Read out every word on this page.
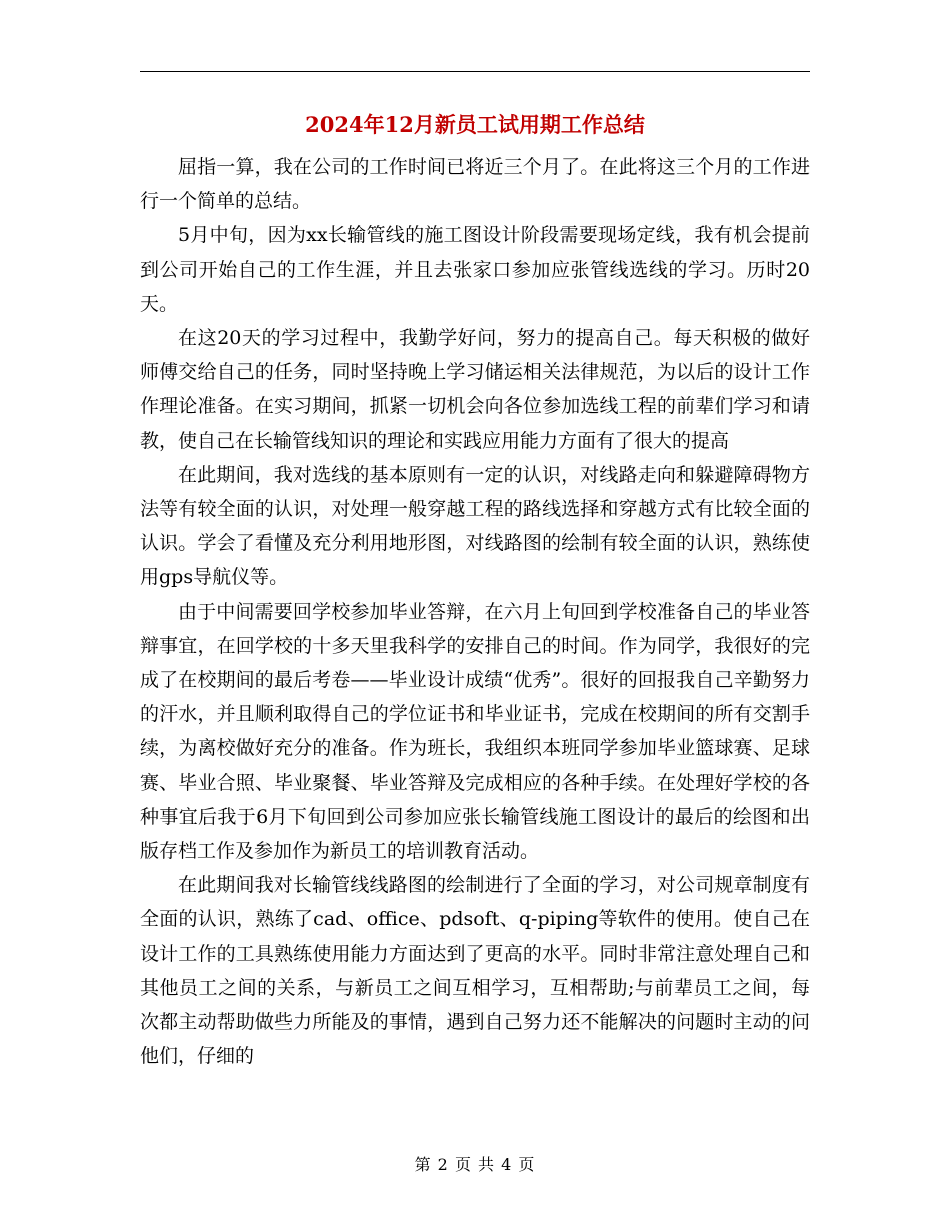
2024年12月新员工试用期工作总结

屈指一算，我在公司的工作时间已将近三个月了。在此将这三个月的工作进行一个简单的总结。

5月中旬，因为xx长输管线的施工图设计阶段需要现场定线，我有机会提前到公司开始自己的工作生涯，并且去张家口参加应张管线选线的学习。历时20天。

在这20天的学习过程中，我勤学好问，努力的提高自己。每天积极的做好师傅交给自己的任务，同时坚持晚上学习储运相关法律规范，为以后的设计工作作理论准备。在实习期间，抓紧一切机会向各位参加选线工程的前辈们学习和请教，使自己在长输管线知识的理论和实践应用能力方面有了很大的提高

在此期间，我对选线的基本原则有一定的认识，对线路走向和躲避障碍物方法等有较全面的认识，对处理一般穿越工程的路线选择和穿越方式有比较全面的认识。学会了看懂及充分利用地形图，对线路图的绘制有较全面的认识，熟练使用gps导航仪等。

由于中间需要回学校参加毕业答辩，在六月上旬回到学校准备自己的毕业答辩事宜，在回学校的十多天里我科学的安排自己的时间。作为同学，我很好的完成了在校期间的最后考卷——毕业设计成绩“优秀”。很好的回报我自己辛勤努力的汗水，并且顺利取得自己的学位证书和毕业证书，完成在校期间的所有交割手续，为离校做好充分的准备。作为班长，我组织本班同学参加毕业篮球赛、足球赛、毕业合照、毕业聚餐、毕业答辩及完成相应的各种手续。在处理好学校的各种事宜后我于6月下旬回到公司参加应张长输管线施工图设计的最后的绘图和出版存档工作及参加作为新员工的培训教育活动。

在此期间我对长输管线线路图的绘制进行了全面的学习，对公司规章制度有全面的认识，熟练了cad、office、pdsoft、q-piping等软件的使用。使自己在设计工作的工具熟练使用能力方面达到了更高的水平。同时非常注意处理自己和其他员工之间的关系，与新员工之间互相学习，互相帮助;与前辈员工之间，每次都主动帮助做些力所能及的事情，遇到自己努力还不能解决的问题时主动的问他们，仔细的

第 2 页 共 4 页
